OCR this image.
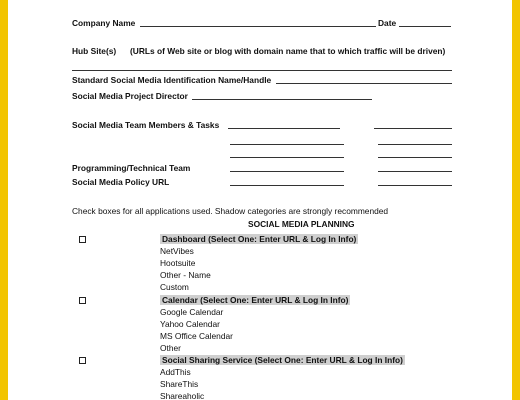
Company Name	Date
Hub Site(s) (URLs of Web site or blog with domain name that to which traffic will be driven)
Standard Social Media Identification Name/Handle
Social Media Project Director
Social Media Team Members & Tasks
Programming/Technical Team
Social Media Policy URL
Check boxes for all applications used. Shadow categories are strongly recommended
SOCIAL MEDIA PLANNING
Dashboard (Select One: Enter URL & Log In Info)
NetVibes
Hootsuite
Other - Name
Custom
Calendar (Select One: Enter URL & Log In Info)
Google Calendar
Yahoo Calendar
MS Office Calendar
Other
Social Sharing Service (Select One: Enter URL & Log In Info)
AddThis
ShareThis
Shareaholic
